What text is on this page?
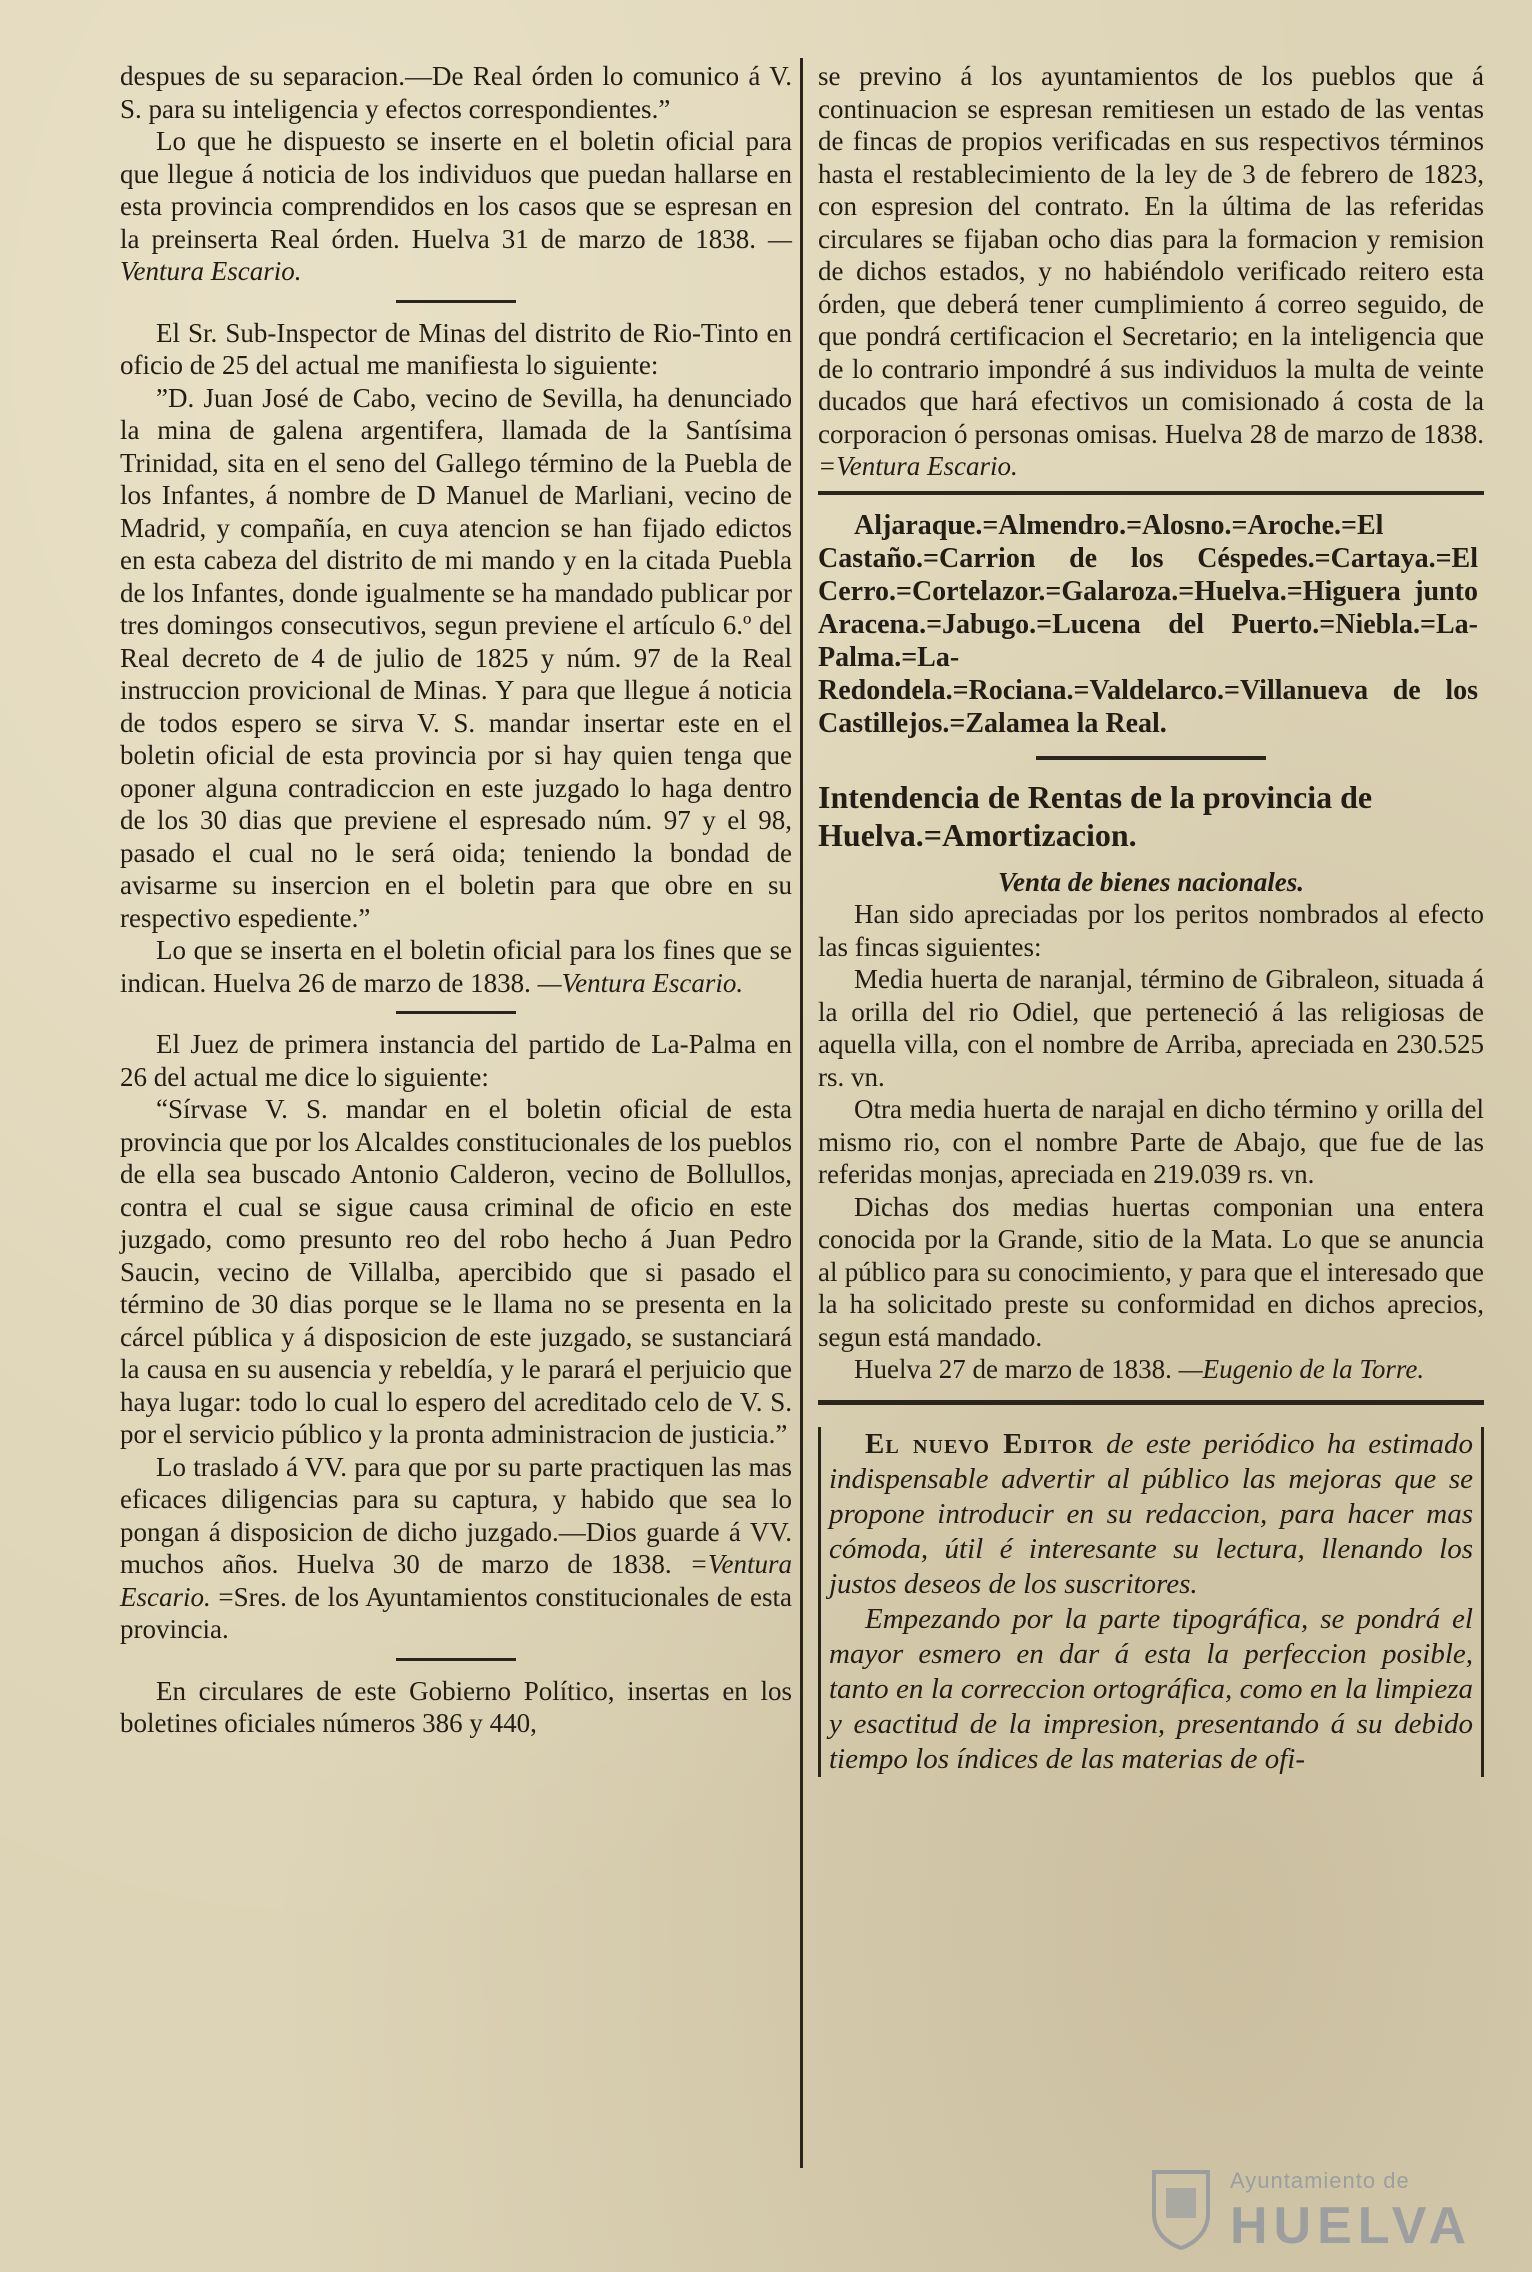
despues de su separacion.—De Real órden lo comunico á V. S. para su inteligencia y efectos correspondientes.”

Lo que he dispuesto se inserte en el boletin oficial para que llegue á noticia de los individuos que puedan hallarse en esta provincia comprendidos en los casos que se espresan en la preinserta Real órden. Huelva 31 de marzo de 1838. —Ventura Escario.

El Sr. Sub-Inspector de Minas del distrito de Rio-Tinto en oficio de 25 del actual me manifiesta lo siguiente:

”D. Juan José de Cabo, vecino de Sevilla, ha denunciado la mina de galena argentifera, llamada de la Santísima Trinidad, sita en el seno del Gallego término de la Puebla de los Infantes, á nombre de D Manuel de Marliani, vecino de Madrid, y compañía, en cuya atencion se han fijado edictos en esta cabeza del distrito de mi mando y en la citada Puebla de los Infantes, donde igualmente se ha mandado publicar por tres domingos consecutivos, segun previene el artículo 6.º del Real decreto de 4 de julio de 1825 y núm. 97 de la Real instruccion provicional de Minas. Y para que llegue á noticia de todos espero se sirva V. S. mandar insertar este en el boletin oficial de esta provincia por si hay quien tenga que oponer alguna contradiccion en este juzgado lo haga dentro de los 30 dias que previene el espresado núm. 97 y el 98, pasado el cual no le será oida; teniendo la bondad de avisarme su insercion en el boletin para que obre en su respectivo espediente.”

Lo que se inserta en el boletin oficial para los fines que se indican. Huelva 26 de marzo de 1838. —Ventura Escario.

El Juez de primera instancia del partido de La-Palma en 26 del actual me dice lo siguiente:

“Sírvase V. S. mandar en el boletin oficial de esta provincia que por los Alcaldes constitucionales de los pueblos de ella sea buscado Antonio Calderon, vecino de Bollullos, contra el cual se sigue causa criminal de oficio en este juzgado, como presunto reo del robo hecho á Juan Pedro Saucin, vecino de Villalba, apercibido que si pasado el término de 30 dias porque se le llama no se presenta en la cárcel pública y á disposicion de este juzgado, se sustanciará la causa en su ausencia y rebeldía, y le parará el perjuicio que haya lugar: todo lo cual lo espero del acreditado celo de V. S. por el servicio público y la pronta administracion de justicia.”

Lo traslado á VV. para que por su parte practiquen las mas eficaces diligencias para su captura, y habido que sea lo pongan á disposicion de dicho juzgado.—Dios guarde á VV. muchos años. Huelva 30 de marzo de 1838. =Ventura Escario. =Sres. de los Ayuntamientos constitucionales de esta provincia.

En circulares de este Gobierno Político, insertas en los boletines oficiales números 386 y 440,

se previno á los ayuntamientos de los pueblos que á continuacion se espresan remitiesen un estado de las ventas de fincas de propios verificadas en sus respectivos términos hasta el restablecimiento de la ley de 3 de febrero de 1823, con espresion del contrato. En la última de las referidas circulares se fijaban ocho dias para la formacion y remision de dichos estados, y no habiéndolo verificado reitero esta órden, que deberá tener cumplimiento á correo seguido, de que pondrá certificacion el Secretario; en la inteligencia que de lo contrario impondré á sus individuos la multa de veinte ducados que hará efectivos un comisionado á costa de la corporacion ó personas omisas. Huelva 28 de marzo de 1838. =Ventura Escario.

Aljaraque.=Almendro.=Alosno.=Aroche.=El Castaño.=Carrion de los Céspedes.=Cartaya.=El Cerro.=Cortelazor.=Galaroza.=Huelva.=Higuera junto Aracena.=Jabugo.=Lucena del Puerto.=Niebla.=La-Palma.=La-Redondela.=Rociana.=Valdelarco.=Villanueva de los Castillejos.=Zalamea la Real.

Intendencia de Rentas de la provincia de Huelva.=Amortizacion.

Venta de bienes nacionales.

Han sido apreciadas por los peritos nombrados al efecto las fincas siguientes:

Media huerta de naranjal, término de Gibraleon, situada á la orilla del rio Odiel, que perteneció á las religiosas de aquella villa, con el nombre de Arriba, apreciada en 230.525 rs. vn.

Otra media huerta de narajal en dicho término y orilla del mismo rio, con el nombre Parte de Abajo, que fue de las referidas monjas, apreciada en 219.039 rs. vn.

Dichas dos medias huertas componian una entera conocida por la Grande, sitio de la Mata. Lo que se anuncia al público para su conocimiento, y para que el interesado que la ha solicitado preste su conformidad en dichos aprecios, segun está mandado.

Huelva 27 de marzo de 1838. —Eugenio de la Torre.

El nuevo Editor de este periódico ha estimado indispensable advertir al público las mejoras que se propone introducir en su redaccion, para hacer mas cómoda, útil é interesante su lectura, llenando los justos deseos de los suscritores.

Empezando por la parte tipográfica, se pondrá el mayor esmero en dar á esta la perfeccion posible, tanto en la correccion ortográfica, como en la limpieza y esactitud de la impresion, presentando á su debido tiempo los índices de las materias de ofi-

Ayuntamiento de
HUELVA
